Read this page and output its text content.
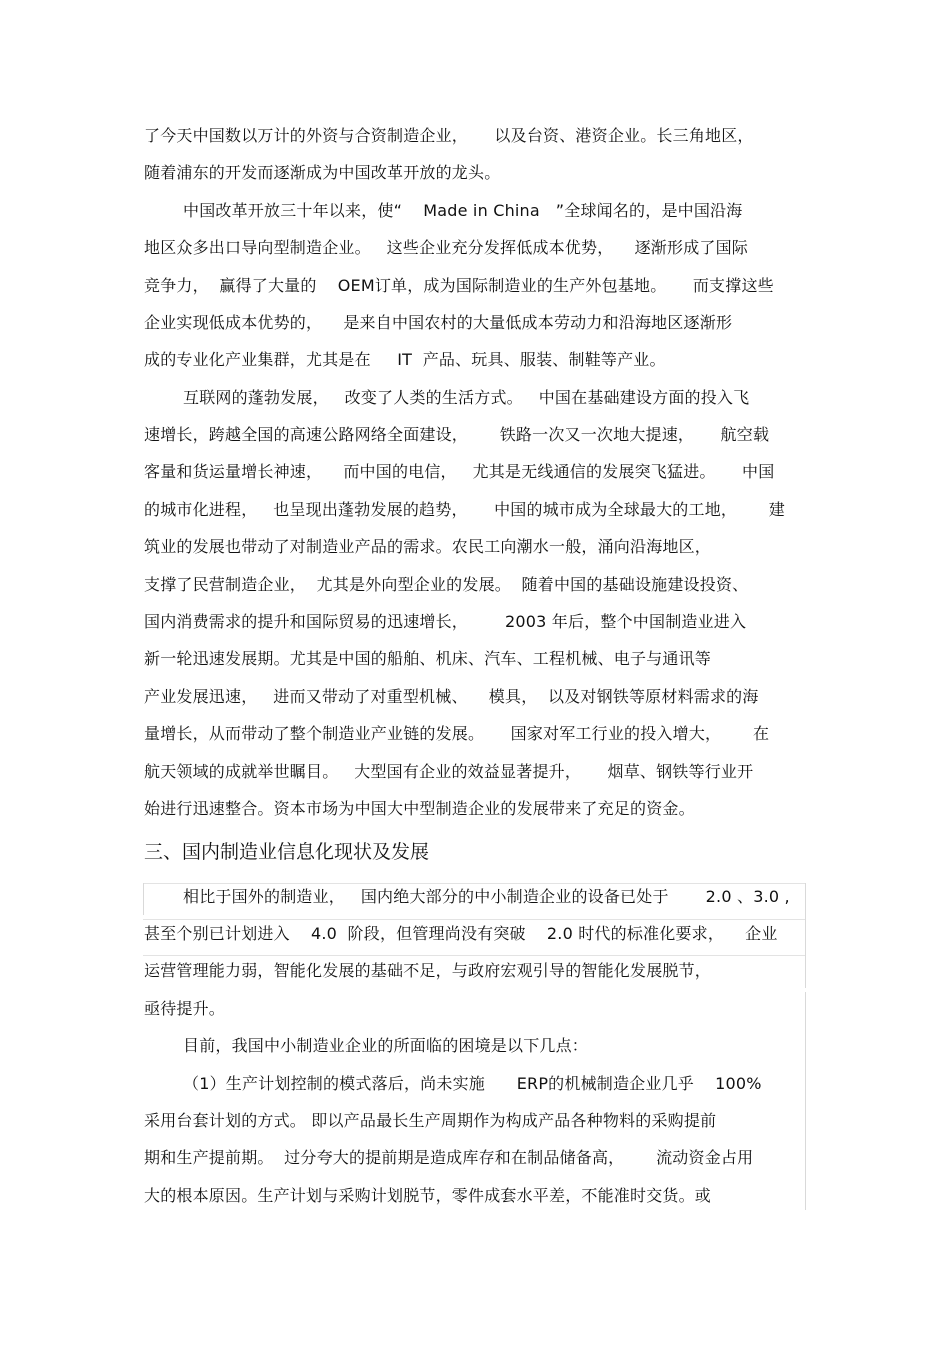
了今天中国数以万计的外资与合资制造企业，     以及台资、港资企业。长三角地区，
随着浦东的开发而逐渐成为中国改革开放的龙头。
中国改革开放三十年以来，使“    Made in China   ”全球闻名的，是中国沿海
地区众多出口导向型制造企业。   这些企业充分发挥低成本优势，    逐渐形成了国际
竞争力，  赢得了大量的    OEM订单，成为国际制造业的生产外包基地。     而支撑这些
企业实现低成本优势的，    是来自中国农村的大量低成本劳动力和沿海地区逐渐形
成的专业化产业集群，尤其是在     IT  产品、玩具、服装、制鞋等产业。
互联网的蓬勃发展，   改变了人类的生活方式。   中国在基础建设方面的投入飞
速增长，跨越全国的高速公路网络全面建设，      铁路一次又一次地大提速，     航空载
客量和货运量增长神速，    而中国的电信，   尤其是无线通信的发展突飞猛进。     中国
的城市化进程，   也呈现出蓬勃发展的趋势，     中国的城市成为全球最大的工地，      建
筑业的发展也带动了对制造业产品的需求。农民工向潮水一般，涌向沿海地区，
支撑了民营制造企业，  尤其是外向型企业的发展。  随着中国的基础设施建设投资、
国内消费需求的提升和国际贸易的迅速增长，       2003 年后，整个中国制造业进入
新一轮迅速发展期。尤其是中国的船舶、机床、汽车、工程机械、电子与通讯等
产业发展迅速，   进而又带动了对重型机械、    模具，  以及对钢铁等原材料需求的海
量增长，从而带动了整个制造业产业链的发展。     国家对军工行业的投入增大，      在
航天领域的成就举世瞩目。   大型国有企业的效益显著提升，     烟草、钢铁等行业开
始进行迅速整合。资本市场为中国大中型制造企业的发展带来了充足的资金。
三、国内制造业信息化现状及发展
相比于国外的制造业，   国内绝大部分的中小制造企业的设备已处于       2.0 、3.0 ,
甚至个别已计划进入    4.0  阶段，但管理尚没有突破    2.0 时代的标准化要求，    企业
运营管理能力弱，智能化发展的基础不足，与政府宏观引导的智能化发展脱节，
亟待提升。
目前，我国中小制造业企业的所面临的困境是以下几点：
（1）生产计划控制的模式落后，尚未实施      ERP的机械制造企业几乎    100%
采用台套计划的方式。 即以产品最长生产周期作为构成产品各种物料的采购提前
期和生产提前期。  过分夸大的提前期是造成库存和在制品储备高，      流动资金占用
大的根本原因。生产计划与采购计划脱节，零件成套水平差，不能准时交货。或
